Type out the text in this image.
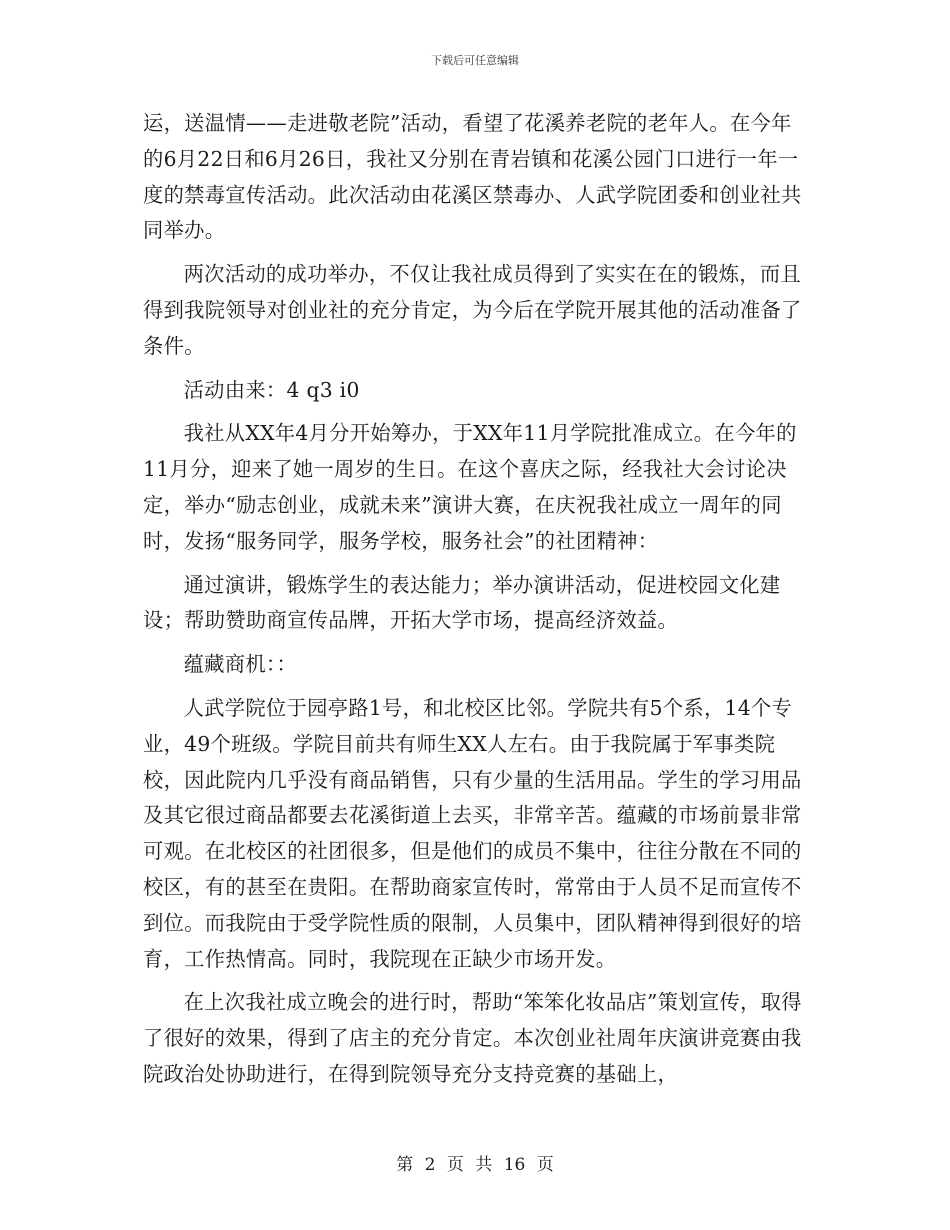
下载后可任意编辑

运，送温情——走进敬老院”活动，看望了花溪养老院的老年人。在今年的6月22日和6月26日，我社又分别在青岩镇和花溪公园门口进行一年一度的禁毒宣传活动。此次活动由花溪区禁毒办、人武学院团委和创业社共同举办。

两次活动的成功举办，不仅让我社成员得到了实实在在的锻炼，而且得到我院领导对创业社的充分肯定，为今后在学院开展其他的活动准备了条件。

活动由来：4 q3 i0

我社从XX年4月分开始筹办，于XX年11月学院批准成立。在今年的11月分，迎来了她一周岁的生日。在这个喜庆之际，经我社大会讨论决定，举办“励志创业，成就未来”演讲大赛，在庆祝我社成立一周年的同时，发扬“服务同学，服务学校，服务社会”的社团精神：

通过演讲，锻炼学生的表达能力；举办演讲活动，促进校园文化建设；帮助赞助商宣传品牌，开拓大学市场，提高经济效益。

蕴藏商机：：

人武学院位于园亭路1号，和北校区比邻。学院共有5个系，14个专业，49个班级。学院目前共有师生XX人左右。由于我院属于军事类院校，因此院内几乎没有商品销售，只有少量的生活用品。学生的学习用品及其它很过商品都要去花溪街道上去买，非常辛苦。蕴藏的市场前景非常可观。在北校区的社团很多，但是他们的成员不集中，往往分散在不同的校区，有的甚至在贵阳。在帮助商家宣传时，常常由于人员不足而宣传不到位。而我院由于受学院性质的限制，人员集中，团队精神得到很好的培育，工作热情高。同时，我院现在正缺少市场开发。

在上次我社成立晚会的进行时，帮助“笨笨化妆品店”策划宣传，取得了很好的效果，得到了店主的充分肯定。本次创业社周年庆演讲竞赛由我院政治处协助进行，在得到院领导充分支持竞赛的基础上，

第 2 页 共 16 页
